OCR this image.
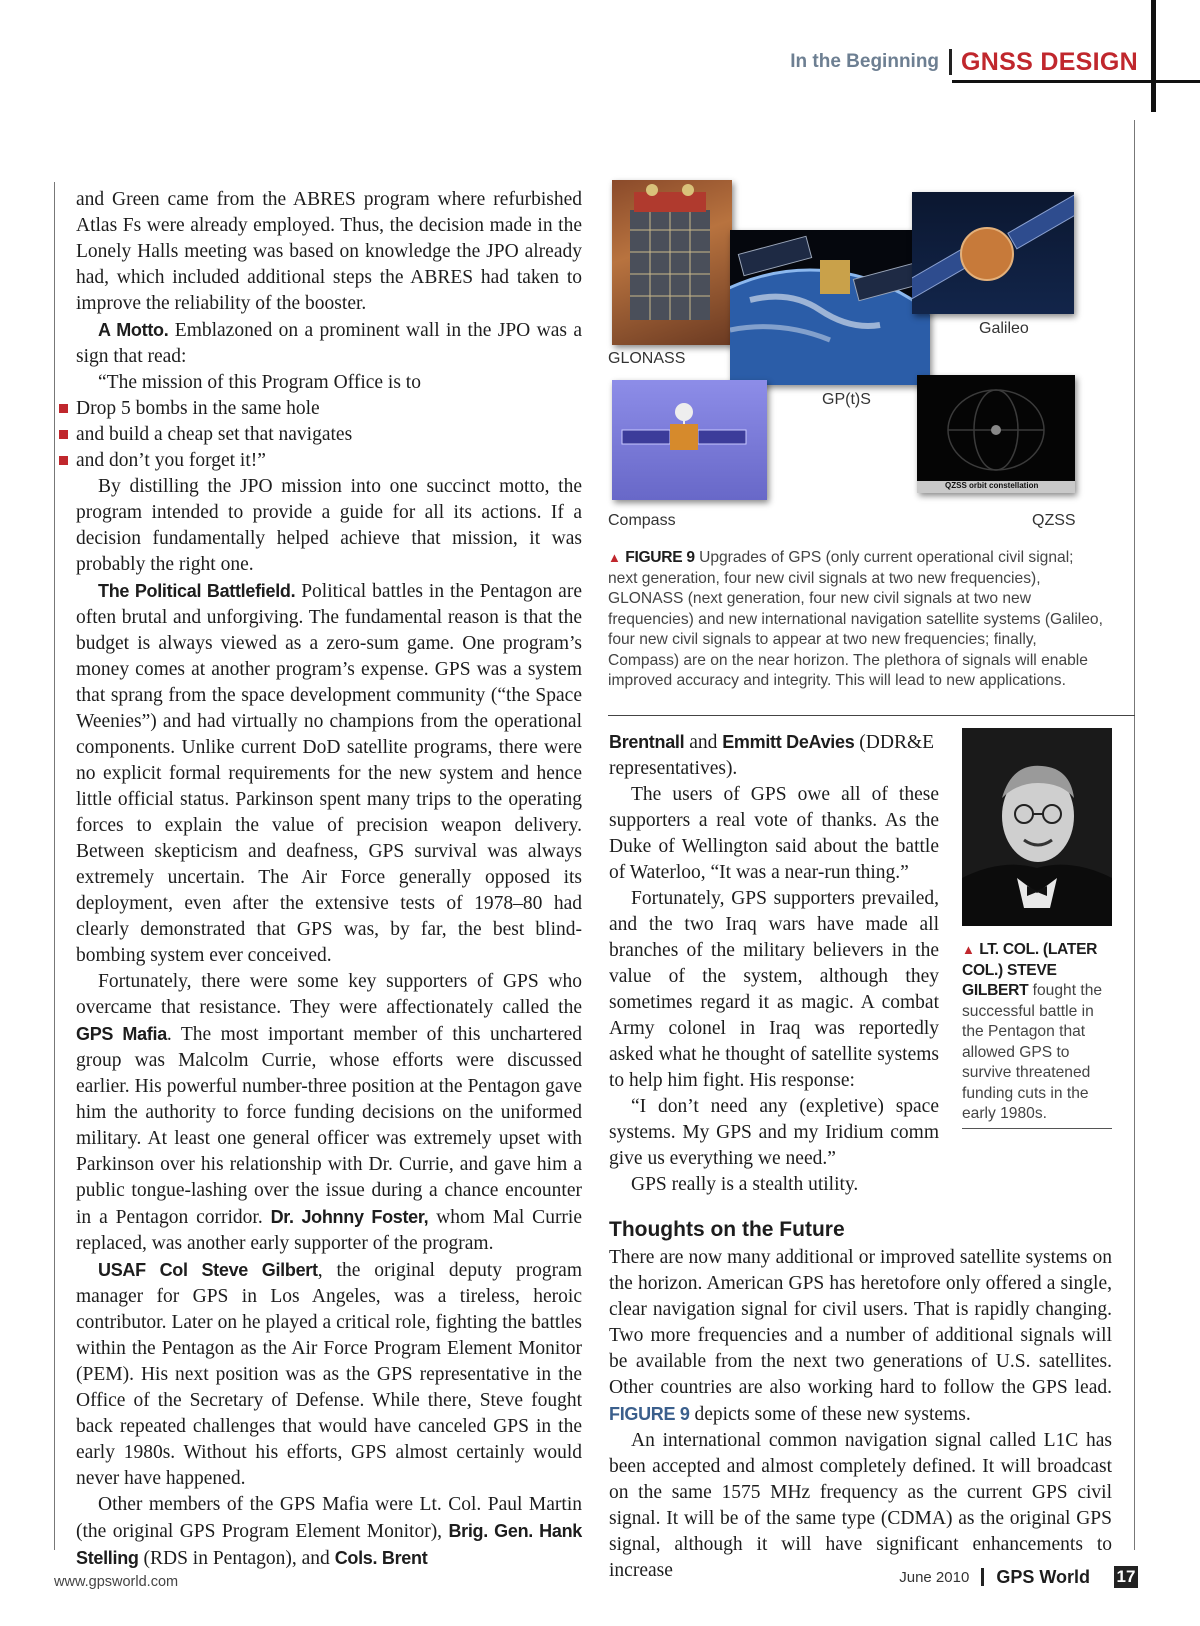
In the Beginning GNSS DESIGN

and Green came from the ABRES program where refurbished Atlas Fs were already employed. Thus, the decision made in the Lonely Halls meeting was based on knowledge the JPO already had, which included additional steps the ABRES had taken to improve the reliability of the booster.

A Motto. Emblazoned on a prominent wall in the JPO was a sign that read:

“The mission of this Program Office is to

Drop 5 bombs in the same hole
and build a cheap set that navigates
and don’t you forget it!”

By distilling the JPO mission into one succinct motto, the program intended to provide a guide for all its actions. If a decision fundamentally helped achieve that mission, it was probably the right one.

The Political Battlefield. Political battles in the Pentagon are often brutal and unforgiving. The fundamental reason is that the budget is always viewed as a zero-sum game. One program’s money comes at another program’s expense. GPS was a system that sprang from the space development community (“the Space Weenies”) and had virtually no champions from the operational components. Unlike current DoD satellite programs, there were no explicit formal requirements for the new system and hence little official status. Parkinson spent many trips to the operating forces to explain the value of precision weapon delivery. Between skepticism and deafness, GPS survival was always extremely uncertain. The Air Force generally opposed its deployment, even after the extensive tests of 1978–80 had clearly demonstrated that GPS was, by far, the best blind-bombing system ever conceived.

Fortunately, there were some key supporters of GPS who overcame that resistance. They were affectionately called the GPS Mafia. The most important member of this unchartered group was Malcolm Currie, whose efforts were discussed earlier. His powerful number-three position at the Pentagon gave him the authority to force funding decisions on the uniformed military. At least one general officer was extremely upset with Parkinson over his relationship with Dr. Currie, and gave him a public tongue-lashing over the issue during a chance encounter in a Pentagon corridor. Dr. Johnny Foster, whom Mal Currie replaced, was another early supporter of the program.

USAF Col Steve Gilbert, the original deputy program manager for GPS in Los Angeles, was a tireless, heroic contributor. Later on he played a critical role, fighting the battles within the Pentagon as the Air Force Program Element Monitor (PEM). His next position was as the GPS representative in the Office of the Secretary of Defense. While there, Steve fought back repeated challenges that would have canceled GPS in the early 1980s. Without his efforts, GPS almost certainly would never have happened.

Other members of the GPS Mafia were Lt. Col. Paul Martin (the original GPS Program Element Monitor), Brig. Gen. Hank Stelling (RDS in Pentagon), and Cols. Brent

QZSS orbit constellation
GLONASS
Galileo
GP(t)S
Compass	QZSS
▲ FIGURE 9 Upgrades of GPS (only current operational civil signal; next generation, four new civil signals at two new frequencies), GLONASS (next generation, four new civil signals at two new frequencies) and new international navigation satellite systems (Galileo, four new civil signals to appear at two new frequencies; finally, Compass) are on the near horizon. The plethora of signals will enable improved accuracy and integrity. This will lead to new applications.

Brentnall and Emmitt DeAvies (DDR&E representatives).

The users of GPS owe all of these supporters a real vote of thanks. As the Duke of Wellington said about the battle of Waterloo, “It was a near-run thing.”

Fortunately, GPS supporters prevailed, and the two Iraq wars have made all branches of the military believers in the value of the system, although they sometimes regard it as magic. A combat Army colonel in Iraq was reportedly asked what he thought of satellite systems to help him fight. His response:

“I don’t need any (expletive) space systems. My GPS and my Iridium comm give us everything we need.”

GPS really is a stealth utility.

▲ LT. COL. (LATER COL.) STEVE GILBERT fought the successful battle in the Pentagon that allowed GPS to survive threatened funding cuts in the early 1980s.
Thoughts on the Future

There are now many additional or improved satellite systems on the horizon. American GPS has heretofore only offered a single, clear navigation signal for civil users. That is rapidly changing. Two more frequencies and a number of additional signals will be available from the next two generations of U.S. satellites. Other countries are also working hard to follow the GPS lead. FIGURE 9 depicts some of these new systems.

An international common navigation signal called L1C has been accepted and almost completely defined. It will broadcast on the same 1575 MHz frequency as the current GPS civil signal. It will be of the same type (CDMA) as the original GPS signal, although it will have significant enhancements to increase

www.gpsworld.com	June 2010 GPS World 17
